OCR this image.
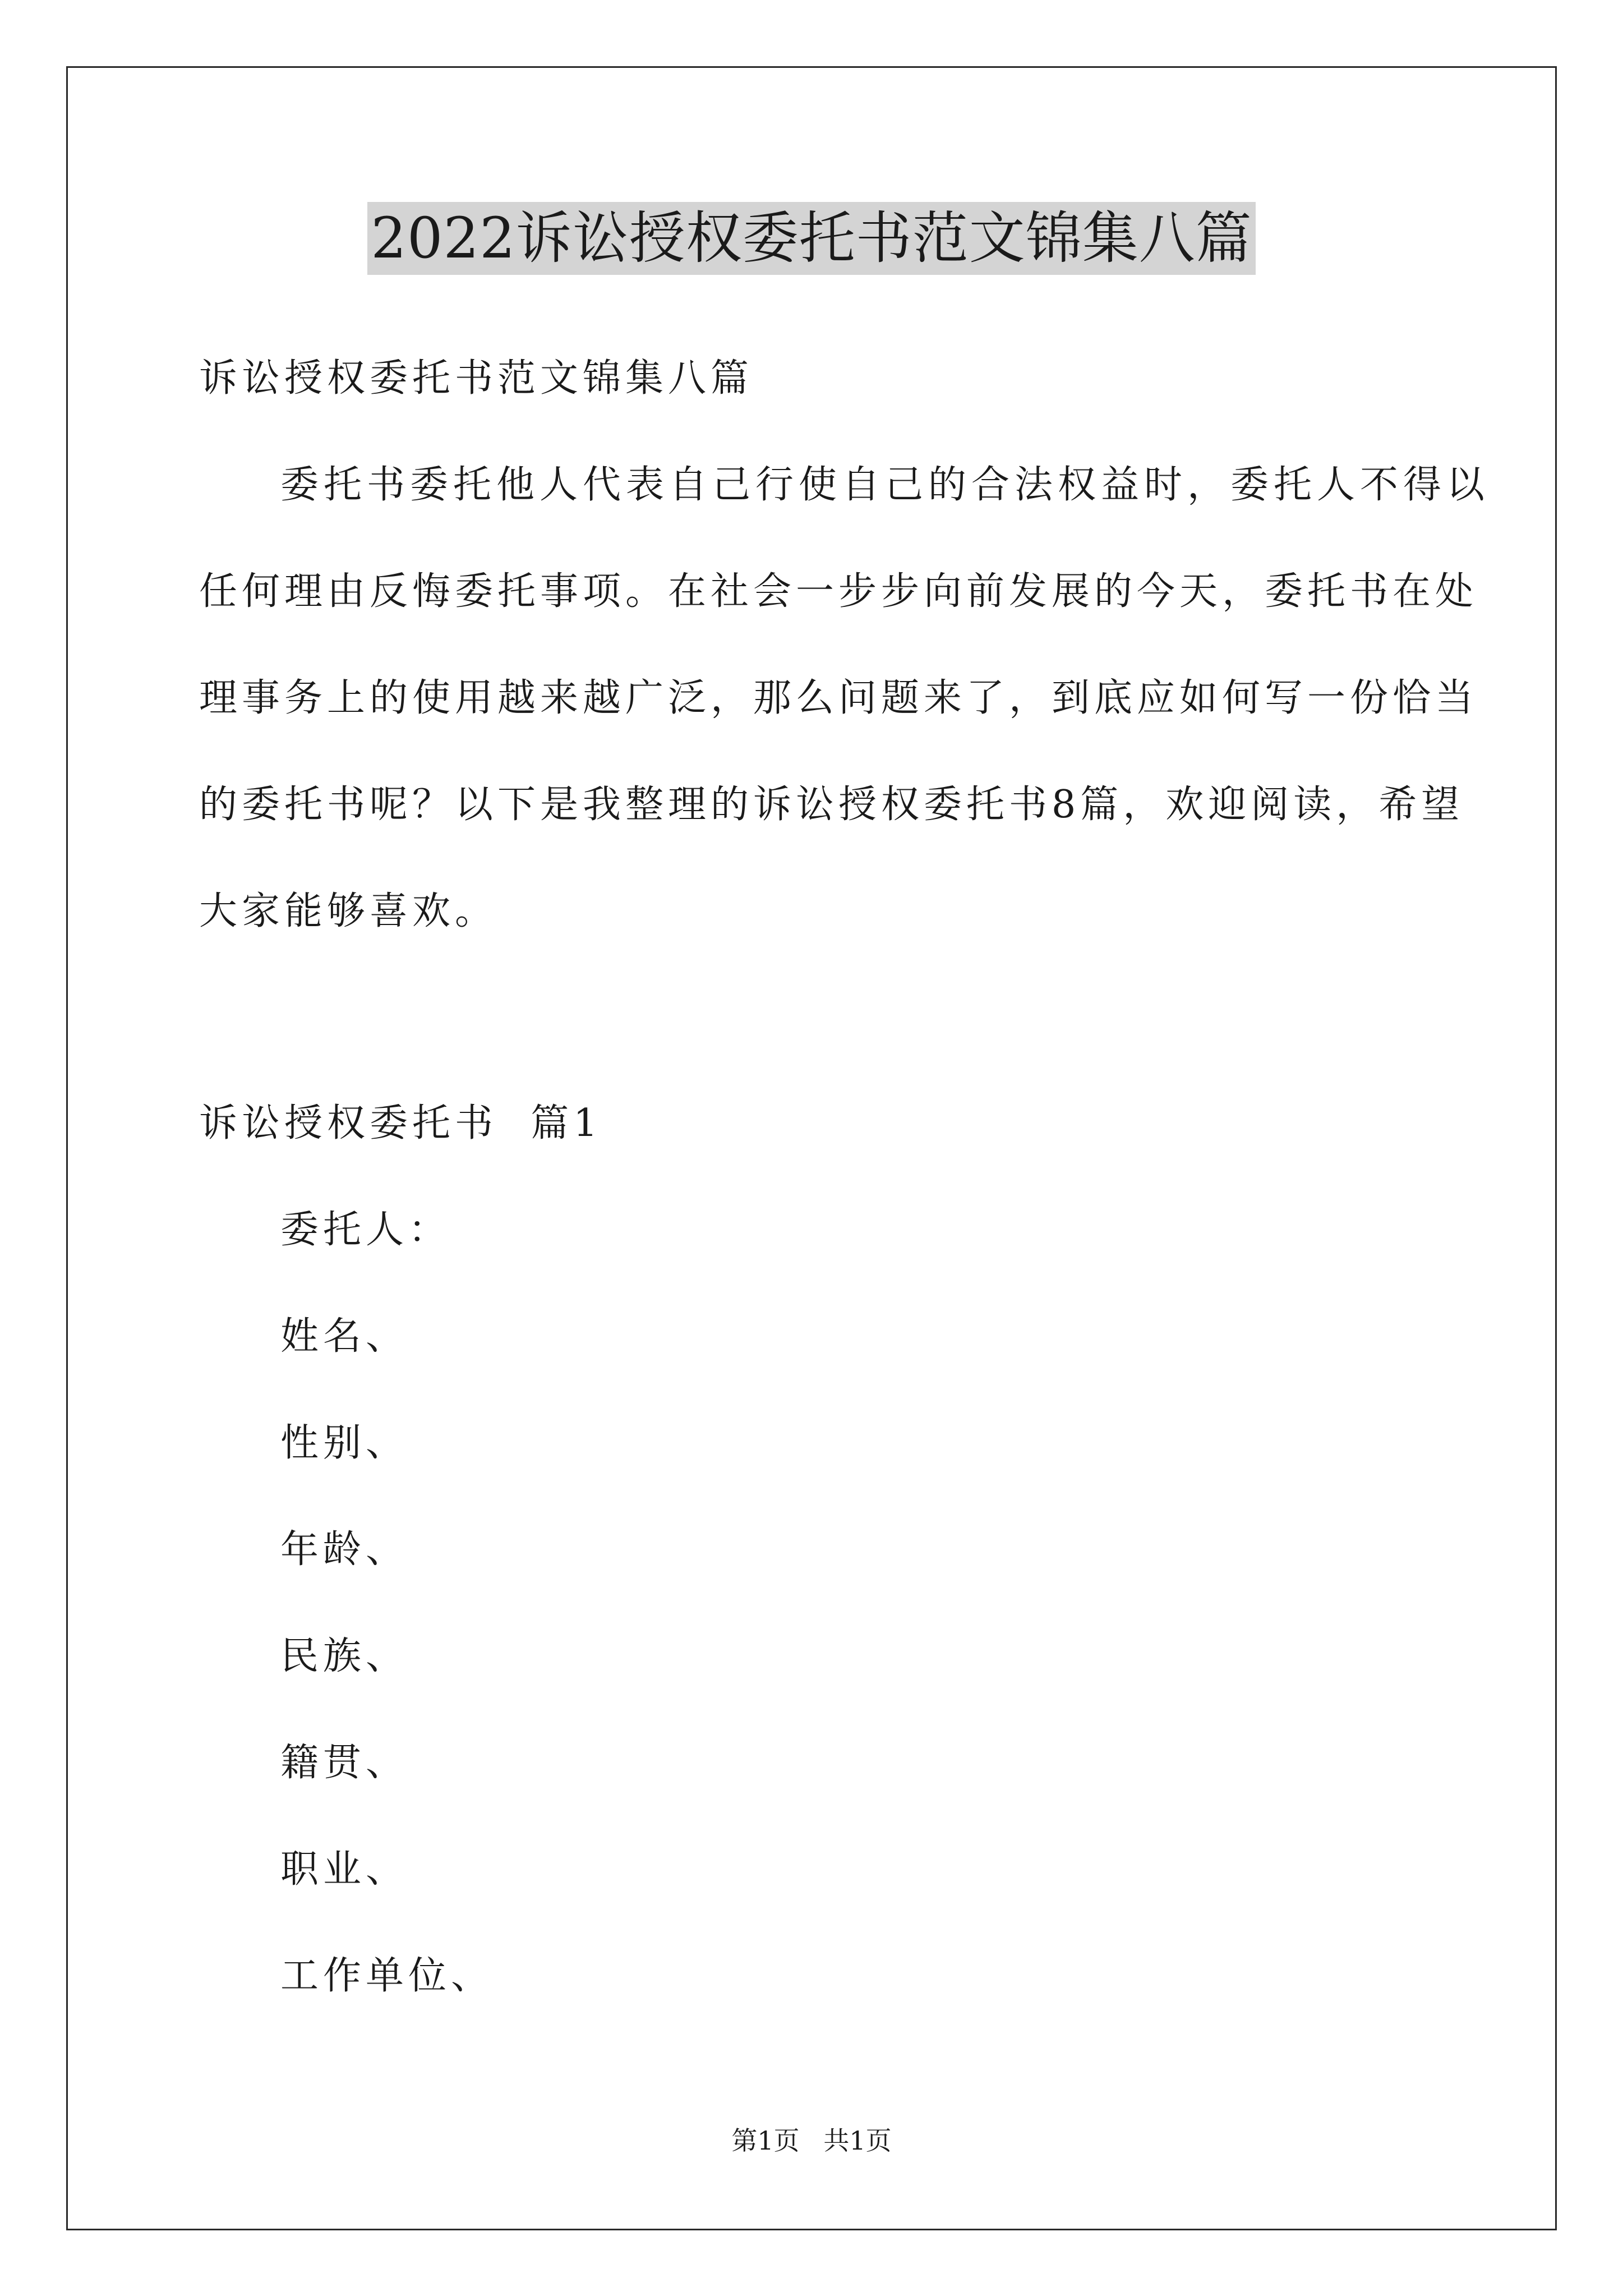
2022诉讼授权委托书范文锦集八篇
诉讼授权委托书范文锦集八篇
委托书委托他人代表自己行使自己的合法权益时，委托人不得以
任何理由反悔委托事项。在社会一步步向前发展的今天，委托书在处
理事务上的使用越来越广泛，那么问题来了，到底应如何写一份恰当
的委托书呢？以下是我整理的诉讼授权委托书8篇，欢迎阅读，希望
大家能够喜欢。
诉讼授权委托书  篇1
委托人：
姓名、
性别、
年龄、
民族、
籍贯、
职业、
工作单位、
第1页 共1页
